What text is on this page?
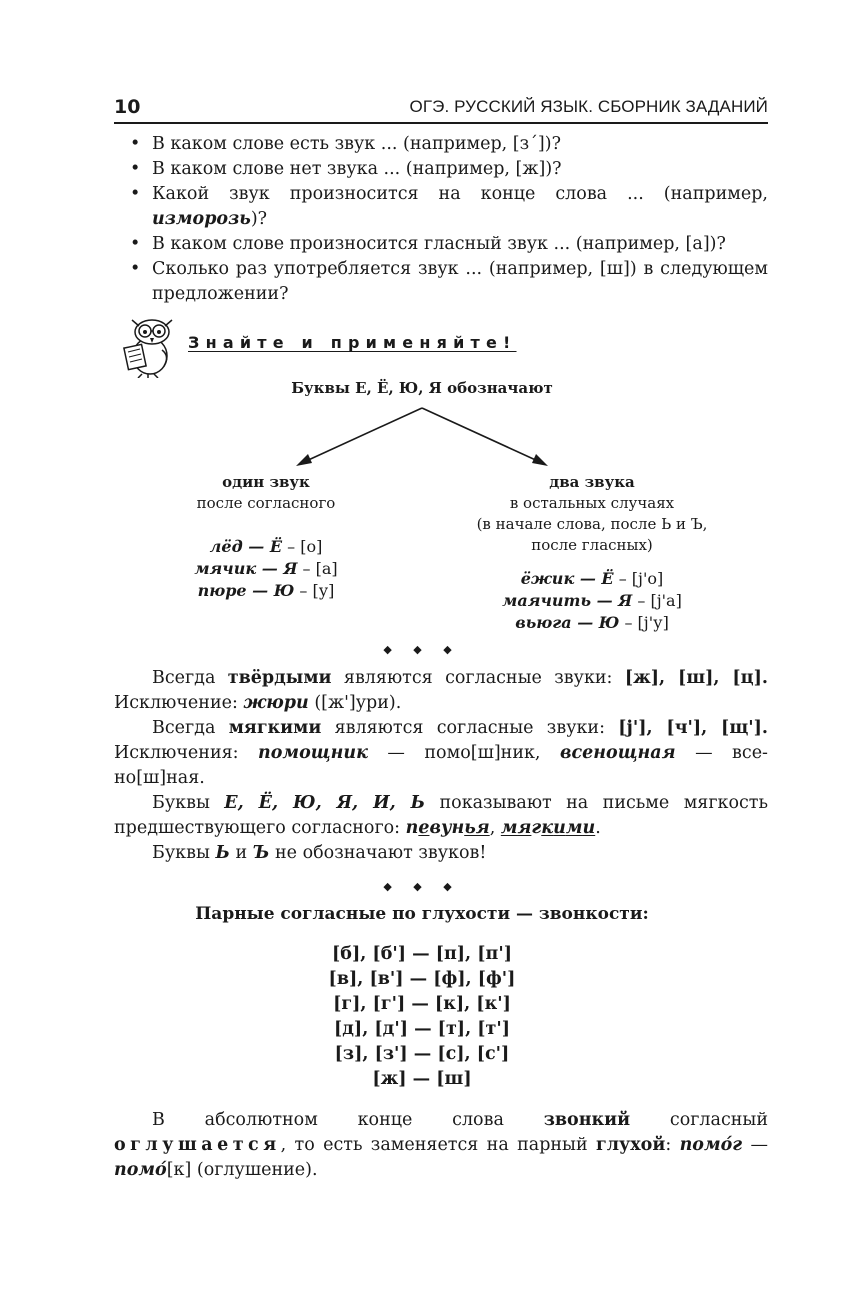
10	ОГЭ. РУССКИЙ ЯЗЫК. СБОРНИК ЗАДАНИЙ
• В каком слове есть звук ... (например, [з´])?
• В каком слове нет звука ... (например, [ж])?
• Какой звук произносится на конце слова ... (например, изморозь)?
• В каком слове произносится гласный звук ... (например, [а])?
• Сколько раз употребляется звук ... (например, [ш]) в следующем предложении?
Знайте и применяйте!
Буквы Е, Ё, Ю, Я обозначают
один звук
после согласного
лёд — Ё – [о]
мячик — Я – [а]
пюре — Ю – [у]
два звука
в остальных случаях
(в начале слова, после Ь и Ъ,
после гласных)
ёжик — Ё – [j'о]
маячить — Я – [j'а]
вьюга — Ю – [j'у]
◆ ◆ ◆
Всегда твёрдыми являются согласные звуки: [ж], [ш], [ц]. Исключение: жюри ([ж']ури).
Всегда мягкими являются согласные звуки: [j'], [ч'], [щ']. Исключения: помощник — помо[ш]ник, всенощная — все-но[ш]ная.
Буквы Е, Ё, Ю, Я, И, Ь показывают на письме мягкость предшествующего согласного: певунья, мягкими.
Буквы Ь и Ъ не обозначают звуков!
◆ ◆ ◆
Парные согласные по глухости — звонкости:
[б], [б'] — [п], [п']
[в], [в'] — [ф], [ф']
[г], [г'] — [к], [к']
[д], [д'] — [т], [т']
[з], [з'] — [с], [с']
[ж] — [ш]
В абсолютном конце слова звонкий согласный оглушается, то есть заменяется на парный глухой: помо́г — помо́[к] (оглушение).
